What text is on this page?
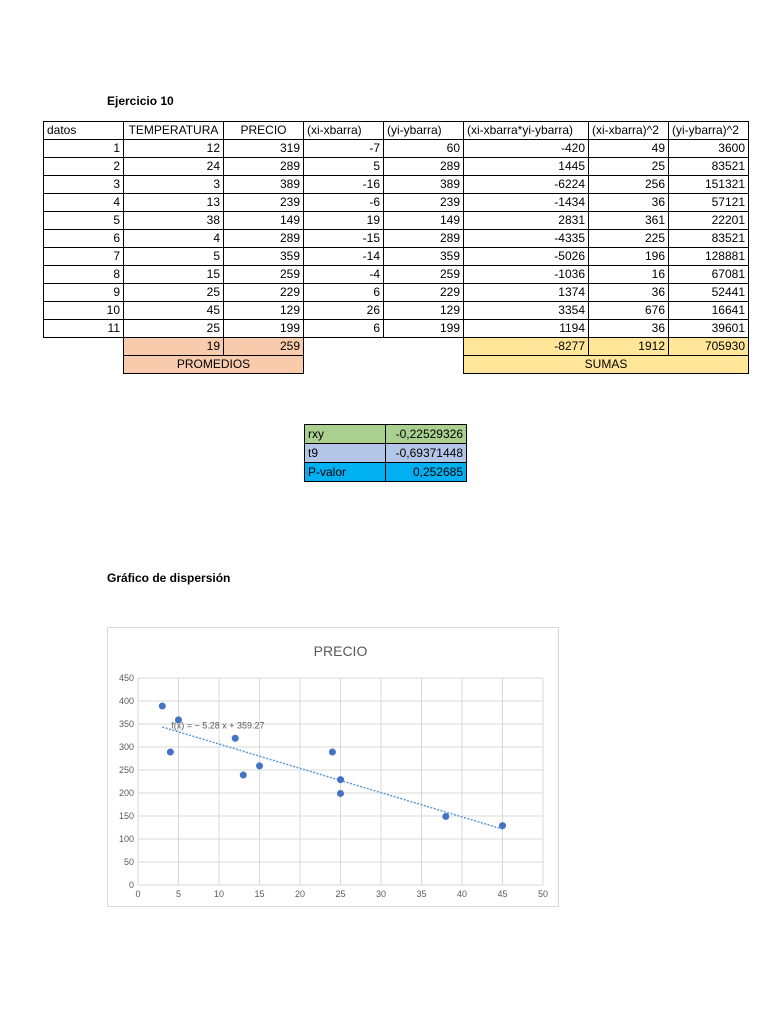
Ejercicio 10
datos	TEMPERATURA	PRECIO	(xi-xbarra)	(yi-ybarra)	(xi-xbarra*yi-ybarra)	(xi-xbarra)^2	(yi-ybarra)^2
1	12	319	-7	60	-420	49	3600
2	24	289	5	289	1445	25	83521
3	3	389	-16	389	-6224	256	151321
4	13	239	-6	239	-1434	36	57121
5	38	149	19	149	2831	361	22201
6	4	289	-15	289	-4335	225	83521
7	5	359	-14	359	-5026	196	128881
8	15	259	-4	259	-1036	16	67081
9	25	229	6	229	1374	36	52441
10	45	129	26	129	3354	676	16641
11	25	199	6	199	1194	36	39601
	19	259			-8277	1912	705930
	PROMEDIOS				SUMAS		
rxy	-0,22529326
t9	-0,69371448
P-valor	0,252685
Gráfico de dispersión
PRECIO
0
50
100
150
200
250
300
350
400
450
0	5	10	15	20	25	30	35	40	45	50
f(x) = − 5.28 x + 359.27
